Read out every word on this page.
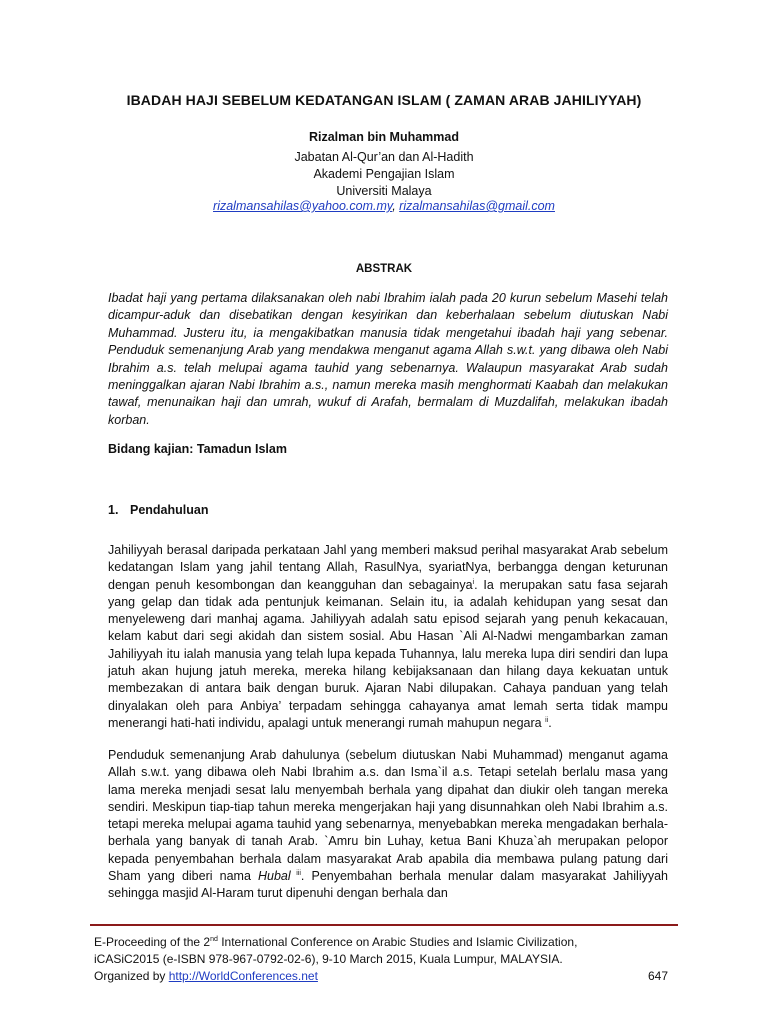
IBADAH HAJI SEBELUM KEDATANGAN ISLAM ( ZAMAN ARAB JAHILIYYAH)
Rizalman bin Muhammad
Jabatan Al-Qur’an dan Al-Hadith
Akademi Pengajian Islam
Universiti Malaya
rizalmansahilas@yahoo.com.my, rizalmansahilas@gmail.com
ABSTRAK
Ibadat haji yang pertama dilaksanakan oleh nabi Ibrahim ialah pada 20 kurun sebelum Masehi telah dicampur-aduk dan disebatikan dengan kesyirikan dan keberhalaan sebelum diutuskan Nabi Muhammad. Justeru itu, ia mengakibatkan manusia tidak mengetahui ibadah haji yang sebenar. Penduduk semenanjung Arab yang mendakwa menganut agama Allah s.w.t. yang dibawa oleh Nabi Ibrahim a.s. telah melupai agama tauhid yang sebenarnya. Walaupun masyarakat Arab sudah meninggalkan ajaran Nabi Ibrahim a.s., namun mereka masih menghormati Kaabah dan melakukan tawaf, menunaikan haji dan umrah, wukuf di Arafah, bermalam di Muzdalifah, melakukan ibadah korban.
Bidang kajian: Tamadun Islam
1. Pendahuluan
Jahiliyyah berasal daripada perkataan Jahl yang memberi maksud perihal masyarakat Arab sebelum kedatangan Islam yang jahil tentang Allah, RasulNya, syariatNya, berbangga dengan keturunan dengan penuh kesombongan dan keangguhan dan sebagainya$^i$. Ia merupakan satu fasa sejarah yang gelap dan tidak ada pentunjuk keimanan. Selain itu, ia adalah kehidupan yang sesat dan menyeleweng dari manhaj agama. Jahiliyyah adalah satu episod sejarah yang penuh kekacauan, kelam kabut dari segi akidah dan sistem sosial. Abu Hasan `Ali Al-Nadwi mengambarkan zaman Jahiliyyah itu ialah manusia yang telah lupa kepada Tuhannya, lalu mereka lupa diri sendiri dan lupa jatuh akan hujung jatuh mereka, mereka hilang kebijaksanaan dan hilang daya kekuatan untuk membezakan di antara baik dengan buruk. Ajaran Nabi dilupakan. Cahaya panduan yang telah dinyalakan oleh para Anbiya’ terpadam sehingga cahayanya amat lemah serta tidak mampu menerangi hati-hati individu, apalagi untuk menerangi rumah mahupun negara $^{ii}$.
Penduduk semenanjung Arab dahulunya (sebelum diutuskan Nabi Muhammad) menganut agama Allah s.w.t. yang dibawa oleh Nabi Ibrahim a.s. dan Isma`il a.s. Tetapi setelah berlalu masa yang lama mereka menjadi sesat lalu menyembah berhala yang dipahat dan diukir oleh tangan mereka sendiri. Meskipun tiap-tiap tahun mereka mengerjakan haji yang disunnahkan oleh Nabi Ibrahim a.s. tetapi mereka melupai agama tauhid yang sebenarnya, menyebabkan mereka mengadakan berhala-berhala yang banyak di tanah Arab. `Amru bin Luhay, ketua Bani Khuza`ah merupakan pelopor kepada penyembahan berhala dalam masyarakat Arab apabila dia membawa pulang patung dari Sham yang diberi nama Hubal $^{iii}$. Penyembahan berhala menular dalam masyarakat Jahiliyyah sehingga masjid Al-Haram turut dipenuhi dengan berhala dan
E-Proceeding of the 2nd International Conference on Arabic Studies and Islamic Civilization,
iCASiC2015 (e-ISBN 978-967-0792-02-6), 9-10 March 2015, Kuala Lumpur, MALAYSIA.
Organized by http://WorldConferences.net	647
